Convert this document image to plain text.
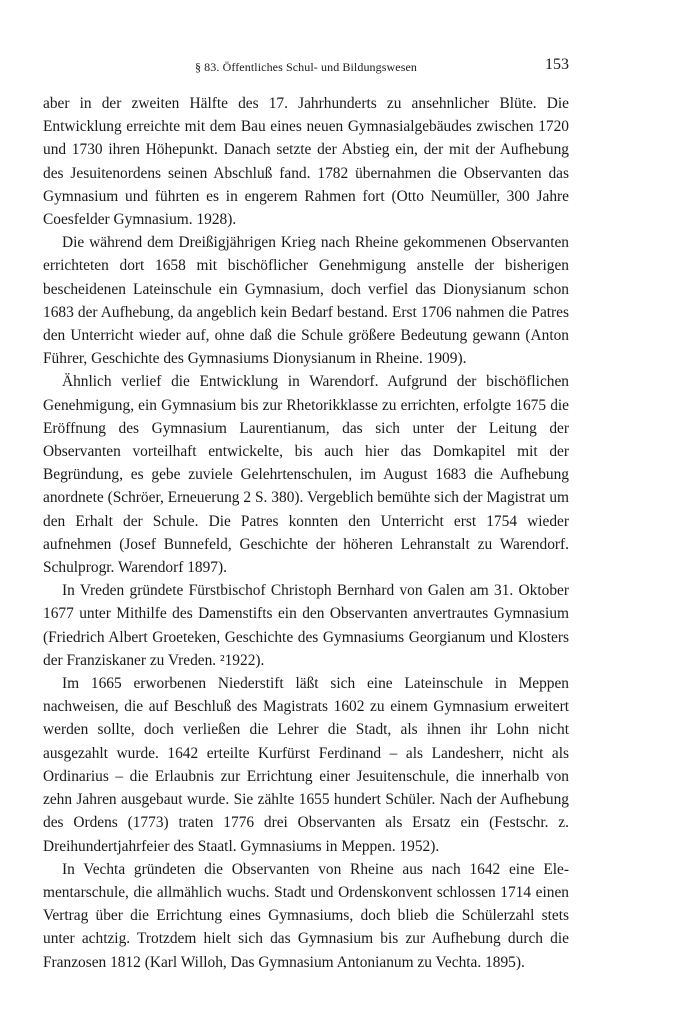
§ 83. Öffentliches Schul- und Bildungswesen	153

aber in der zweiten Hälfte des 17. Jahrhunderts zu ansehnlicher Blüte. Die Entwicklung erreichte mit dem Bau eines neuen Gymnasialgebäudes zwischen 1720 und 1730 ihren Höhepunkt. Danach setzte der Abstieg ein, der mit der Aufhebung des Jesuitenordens seinen Abschluß fand. 1782 übernahmen die Observanten das Gymnasium und führten es in engerem Rahmen fort (Otto Neumüller, 300 Jahre Coesfelder Gymnasium. 1928).

Die während dem Dreißigjährigen Krieg nach Rheine gekommenen Observanten errichteten dort 1658 mit bischöflicher Genehmigung anstelle der bisherigen bescheidenen Lateinschule ein Gymnasium, doch verfiel das Dionysianum schon 1683 der Aufhebung, da angeblich kein Bedarf bestand. Erst 1706 nahmen die Patres den Unterricht wieder auf, ohne daß die Schule größere Bedeutung gewann (Anton Führer, Geschichte des Gymnasiums Dionysianum in Rheine. 1909).

Ähnlich verlief die Entwicklung in Warendorf. Aufgrund der bischöflichen Genehmigung, ein Gymnasium bis zur Rhetorikklasse zu errichten, erfolgte 1675 die Eröffnung des Gymnasium Laurentianum, das sich unter der Leitung der Observanten vorteilhaft entwickelte, bis auch hier das Domkapitel mit der Begründung, es gebe zuviele Gelehrtenschulen, im August 1683 die Aufhebung anordnete (Schröer, Erneuerung 2 S. 380). Vergeblich bemühte sich der Magistrat um den Erhalt der Schule. Die Patres konnten den Unterricht erst 1754 wieder aufnehmen (Josef Bunnefeld, Geschichte der höheren Lehranstalt zu Warendorf. Schulprogr. Warendorf 1897).

In Vreden gründete Fürstbischof Christoph Bernhard von Galen am 31. Oktober 1677 unter Mithilfe des Damenstifts ein den Observanten anvertrautes Gymnasium (Friedrich Albert Groeteken, Geschichte des Gymnasiums Georgianum und Klosters der Franziskaner zu Vreden. ²1922).

Im 1665 erworbenen Niederstift läßt sich eine Lateinschule in Meppen nachweisen, die auf Beschluß des Magistrats 1602 zu einem Gymnasium erweitert werden sollte, doch verließen die Lehrer die Stadt, als ihnen ihr Lohn nicht ausgezahlt wurde. 1642 erteilte Kurfürst Ferdinand – als Landesherr, nicht als Ordinarius – die Erlaubnis zur Errichtung einer Jesuitenschule, die innerhalb von zehn Jahren ausgebaut wurde. Sie zählte 1655 hundert Schüler. Nach der Aufhebung des Ordens (1773) traten 1776 drei Observanten als Ersatz ein (Festschr. z. Dreihundertjahrfeier des Staatl. Gymnasiums in Meppen. 1952).

In Vechta gründeten die Observanten von Rheine aus nach 1642 eine Elementarschule, die allmählich wuchs. Stadt und Ordenskonvent schlossen 1714 einen Vertrag über die Errichtung eines Gymnasiums, doch blieb die Schülerzahl stets unter achtzig. Trotzdem hielt sich das Gymnasium bis zur Aufhebung durch die Franzosen 1812 (Karl Willoh, Das Gymnasium Antonianum zu Vechta. 1895).
